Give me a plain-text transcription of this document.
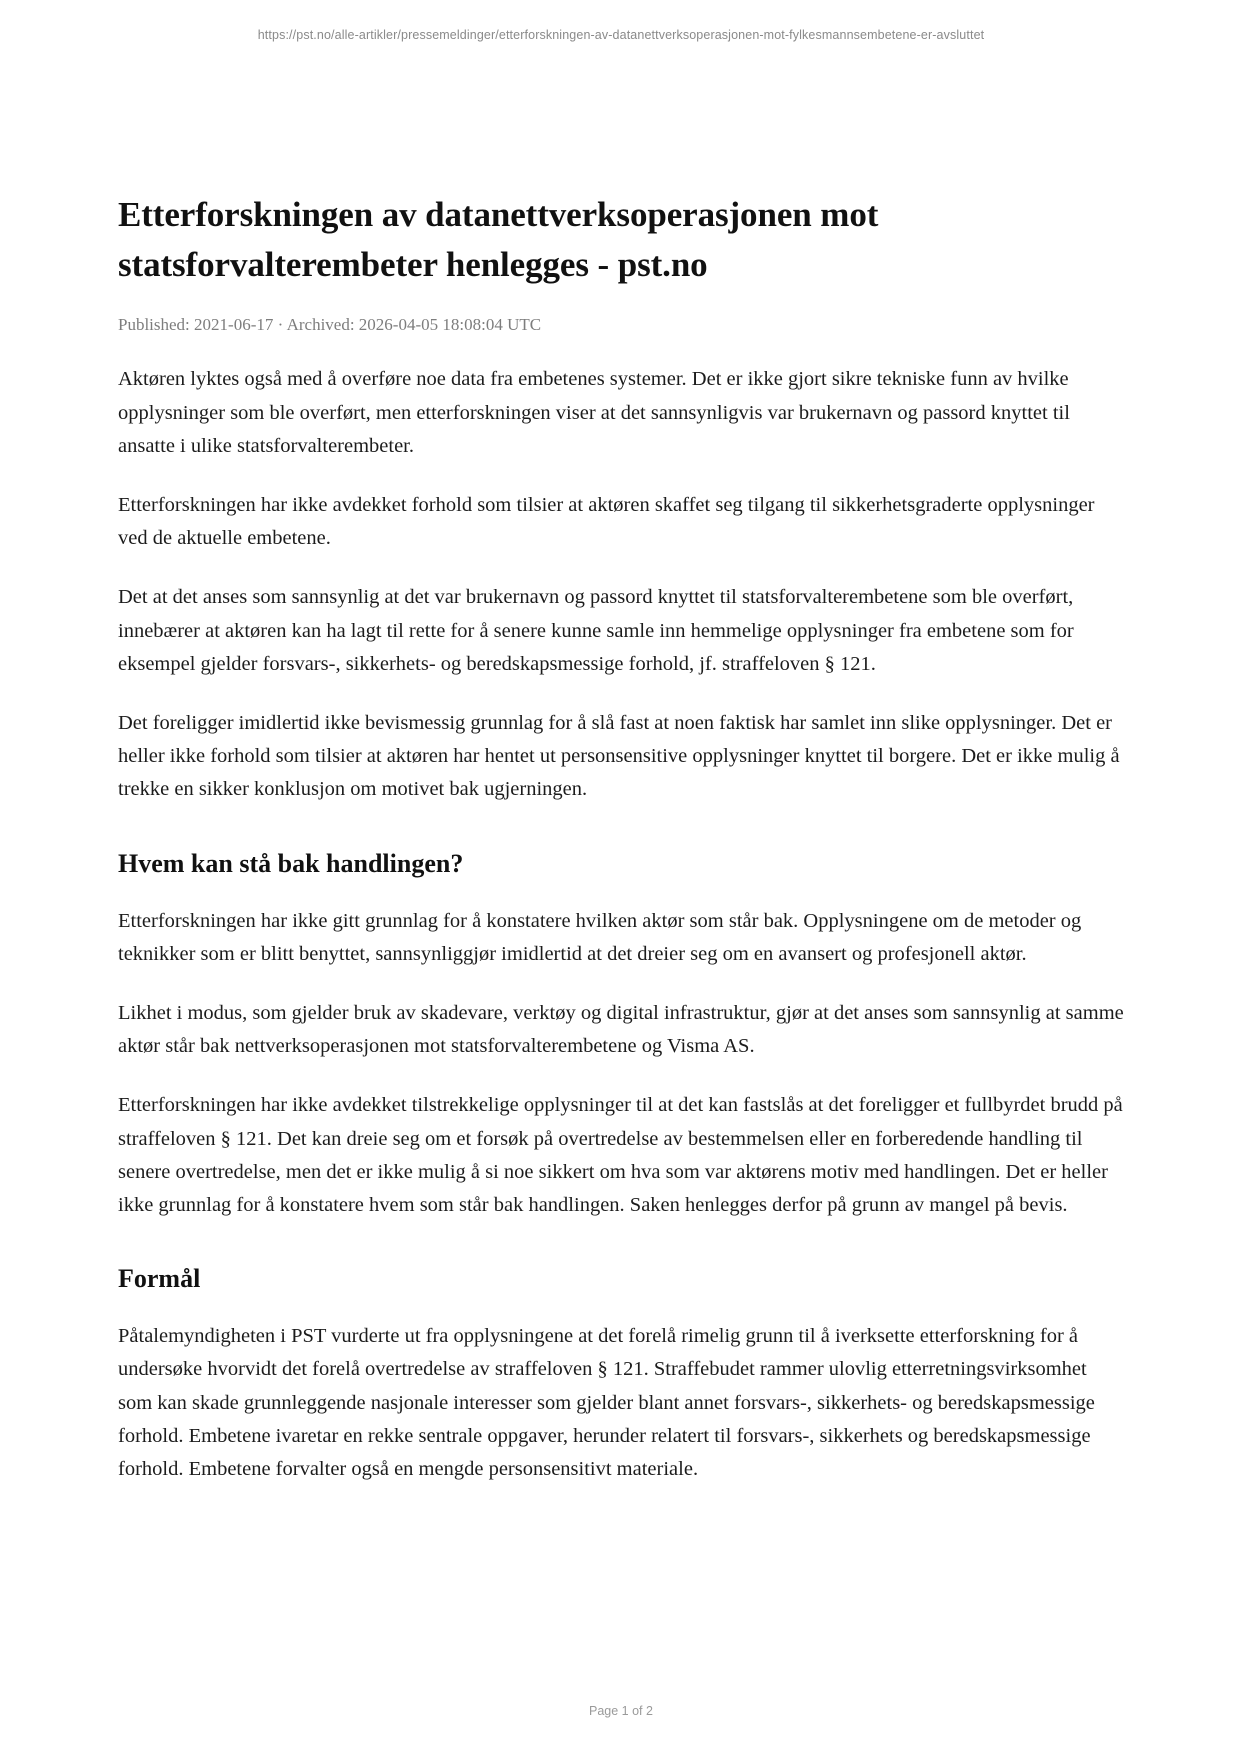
https://pst.no/alle-artikler/pressemeldinger/etterforskningen-av-datanettverksoperasjonen-mot-fylkesmannsembetene-er-avsluttet
Etterforskningen av datanettverksoperasjonen mot statsforvalterembeter henlegges - pst.no
Published: 2021-06-17 · Archived: 2026-04-05 18:08:04 UTC

Aktøren lyktes også med å overføre noe data fra embetenes systemer. Det er ikke gjort sikre tekniske funn av hvilke opplysninger som ble overført, men etterforskningen viser at det sannsynligvis var brukernavn og passord knyttet til ansatte i ulike statsforvalterembeter.

Etterforskningen har ikke avdekket forhold som tilsier at aktøren skaffet seg tilgang til sikkerhetsgraderte opplysninger ved de aktuelle embetene.

Det at det anses som sannsynlig at det var brukernavn og passord knyttet til statsforvalterembetene som ble overført, innebærer at aktøren kan ha lagt til rette for å senere kunne samle inn hemmelige opplysninger fra embetene som for eksempel gjelder forsvars-, sikkerhets- og beredskapsmessige forhold, jf. straffeloven § 121.

Det foreligger imidlertid ikke bevismessig grunnlag for å slå fast at noen faktisk har samlet inn slike opplysninger. Det er heller ikke forhold som tilsier at aktøren har hentet ut personsensitive opplysninger knyttet til borgere. Det er ikke mulig å trekke en sikker konklusjon om motivet bak ugjerningen.

Hvem kan stå bak handlingen?

Etterforskningen har ikke gitt grunnlag for å konstatere hvilken aktør som står bak. Opplysningene om de metoder og teknikker som er blitt benyttet, sannsynliggjør imidlertid at det dreier seg om en avansert og profesjonell aktør.

Likhet i modus, som gjelder bruk av skadevare, verktøy og digital infrastruktur, gjør at det anses som sannsynlig at samme aktør står bak nettverksoperasjonen mot statsforvalterembetene og Visma AS.

Etterforskningen har ikke avdekket tilstrekkelige opplysninger til at det kan fastslås at det foreligger et fullbyrdet brudd på straffeloven § 121. Det kan dreie seg om et forsøk på overtredelse av bestemmelsen eller en forberedende handling til senere overtredelse, men det er ikke mulig å si noe sikkert om hva som var aktørens motiv med handlingen. Det er heller ikke grunnlag for å konstatere hvem som står bak handlingen. Saken henlegges derfor på grunn av mangel på bevis.

Formål

Påtalemyndigheten i PST vurderte ut fra opplysningene at det forelå rimelig grunn til å iverksette etterforskning for å undersøke hvorvidt det forelå overtredelse av straffeloven § 121. Straffebudet rammer ulovlig etterretningsvirksomhet som kan skade grunnleggende nasjonale interesser som gjelder blant annet forsvars-, sikkerhets- og beredskapsmessige forhold. Embetene ivaretar en rekke sentrale oppgaver, herunder relatert til forsvars-, sikkerhets og beredskapsmessige forhold. Embetene forvalter også en mengde personsensitivt materiale.

Page 1 of 2
